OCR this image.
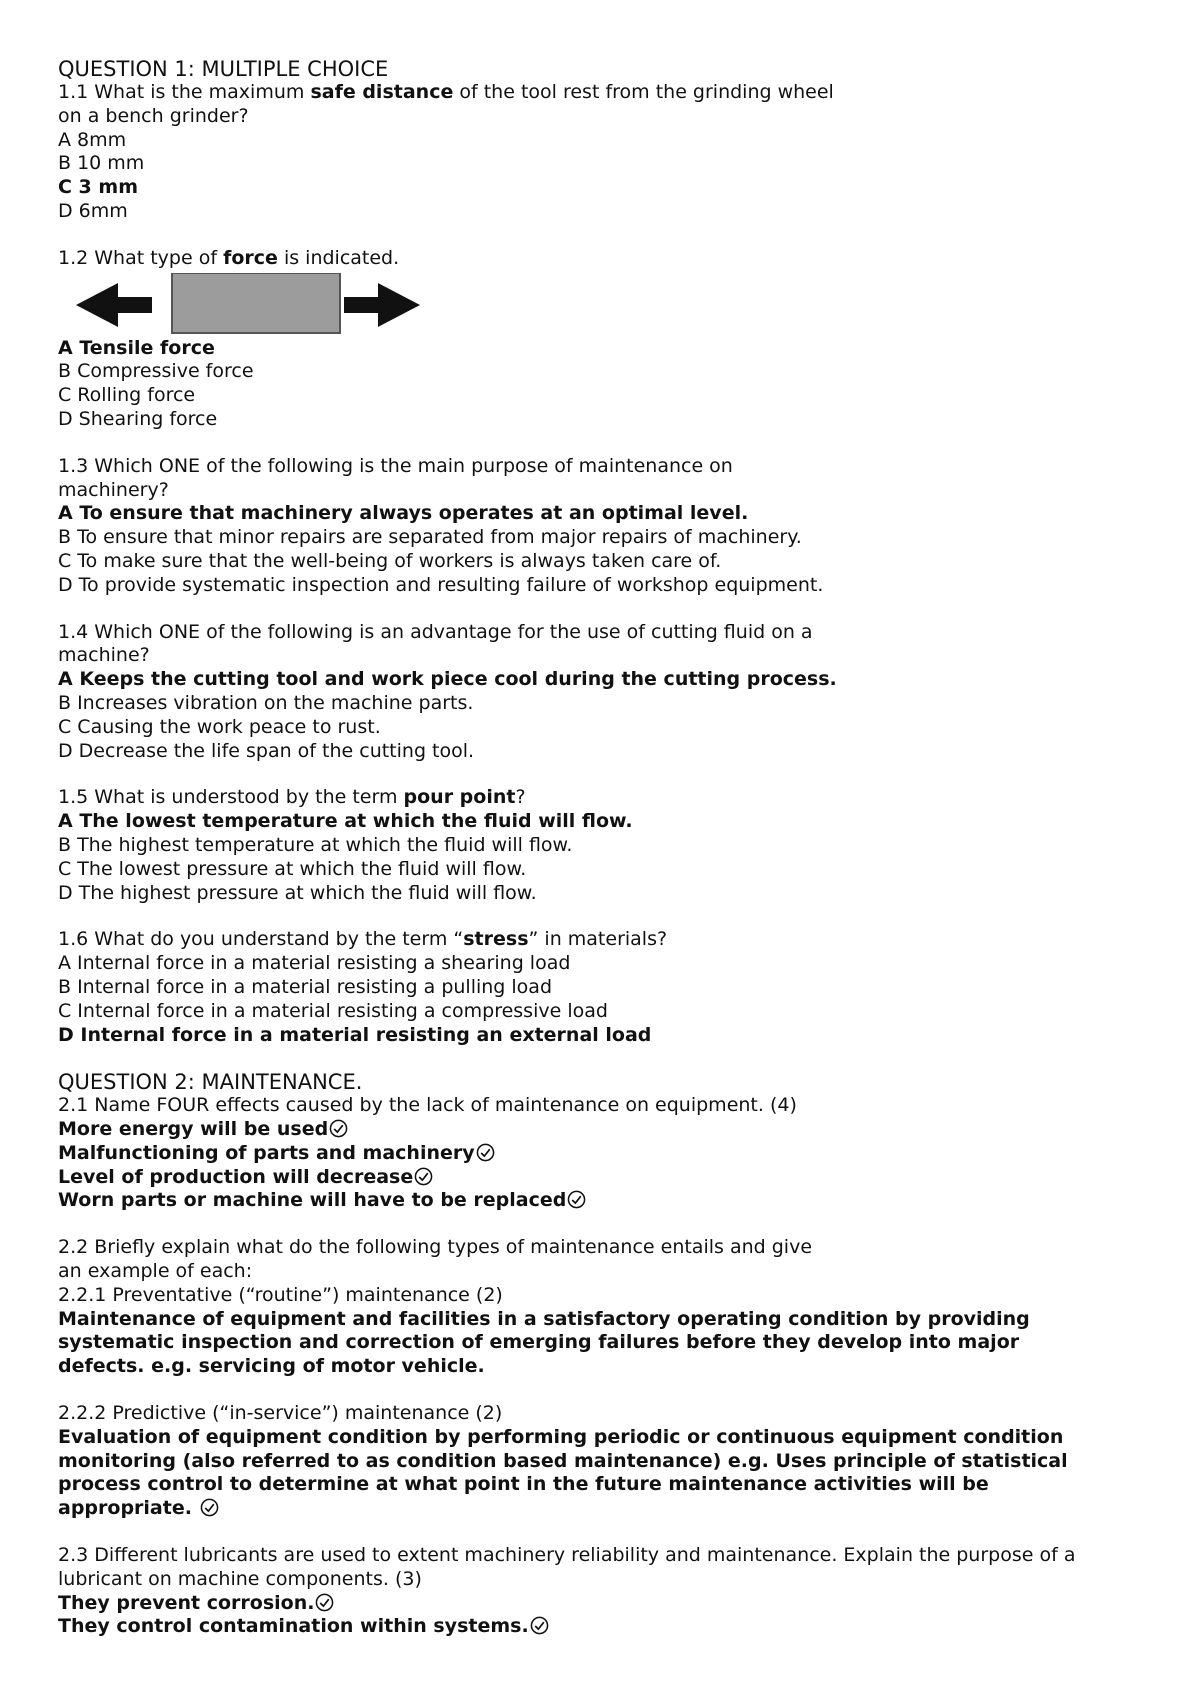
QUESTION 1: MULTIPLE CHOICE
1.1 What is the maximum safe distance of the tool rest from the grinding wheel
on a bench grinder?
A 8mm
B 10 mm
C 3 mm
D 6mm
1.2 What type of force is indicated.
A Tensile force
B Compressive force
C Rolling force
D Shearing force
1.3 Which ONE of the following is the main purpose of maintenance on
machinery?
A To ensure that machinery always operates at an optimal level.
B To ensure that minor repairs are separated from major repairs of machinery.
C To make sure that the well-being of workers is always taken care of.
D To provide systematic inspection and resulting failure of workshop equipment.
1.4 Which ONE of the following is an advantage for the use of cutting fluid on a
machine?
A Keeps the cutting tool and work piece cool during the cutting process.
B Increases vibration on the machine parts.
C Causing the work peace to rust.
D Decrease the life span of the cutting tool.
1.5 What is understood by the term pour point?
A The lowest temperature at which the fluid will flow.
B The highest temperature at which the fluid will flow.
C The lowest pressure at which the fluid will flow.
D The highest pressure at which the fluid will flow.
1.6 What do you understand by the term “stress” in materials?
A Internal force in a material resisting a shearing load
B Internal force in a material resisting a pulling load
C Internal force in a material resisting a compressive load
D Internal force in a material resisting an external load
QUESTION 2: MAINTENANCE.
2.1 Name FOUR effects caused by the lack of maintenance on equipment. (4)
More energy will be used
Malfunctioning of parts and machinery
Level of production will decrease
Worn parts or machine will have to be replaced
2.2 Briefly explain what do the following types of maintenance entails and give
an example of each:
2.2.1 Preventative (“routine”) maintenance (2)
Maintenance of equipment and facilities in a satisfactory operating condition by providing
systematic inspection and correction of emerging failures before they develop into major
defects. e.g. servicing of motor vehicle.
2.2.2 Predictive (“in-service”) maintenance (2)
Evaluation of equipment condition by performing periodic or continuous equipment condition
monitoring (also referred to as condition based maintenance) e.g. Uses principle of statistical
process control to determine at what point in the future maintenance activities will be
appropriate.
2.3 Different lubricants are used to extent machinery reliability and maintenance. Explain the purpose of a
lubricant on machine components. (3)
They prevent corrosion.
They control contamination within systems.
